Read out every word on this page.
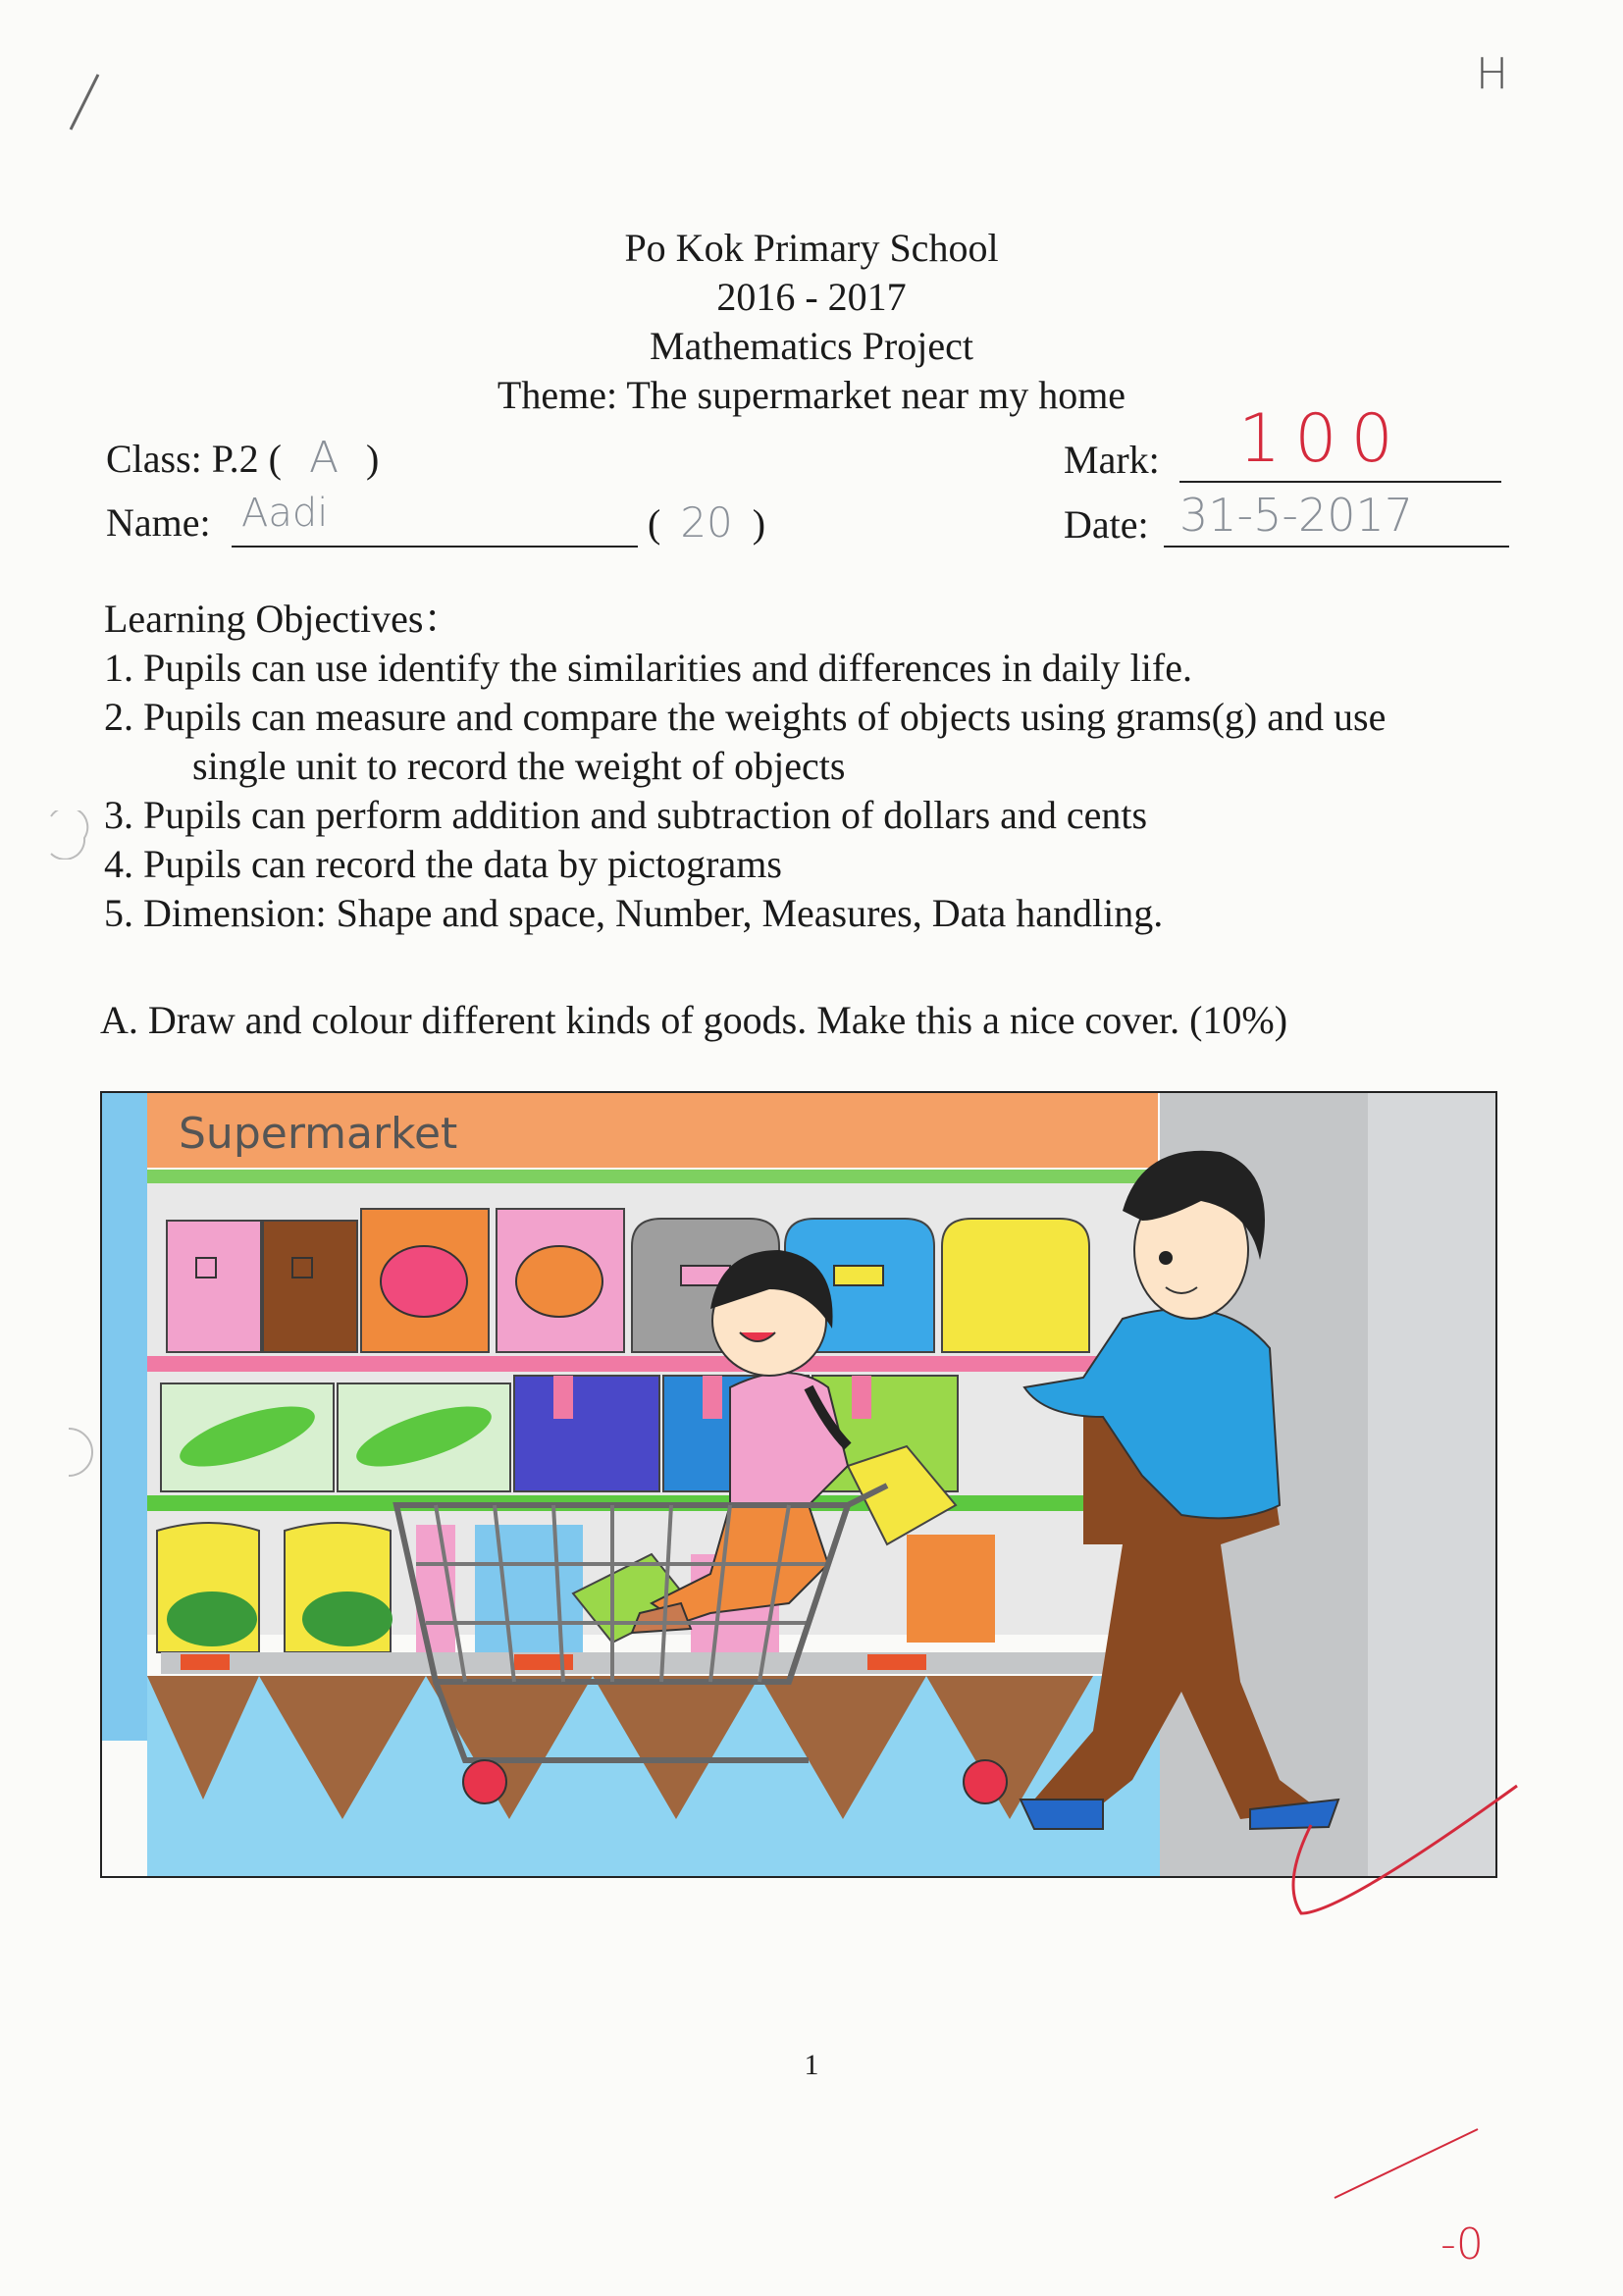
H
Po Kok Primary School
2016 - 2017
Mathematics Project
Theme: The supermarket near my home
Class: P.2 ( A )	Mark: 100
Name: Aadi	( 20 )	Date: 31-5-2017
Learning Objectives：
1. Pupils can use identify the similarities and differences in daily life.
2. Pupils can measure and compare the weights of objects using grams(g) and use
single unit to record the weight of objects
3. Pupils can perform addition and subtraction of dollars and cents
4. Pupils can record the data by pictograms
5. Dimension: Shape and space, Number, Measures, Data handling.
A. Draw and colour different kinds of goods. Make this a nice cover. (10%)
Supermarket
1
-0
